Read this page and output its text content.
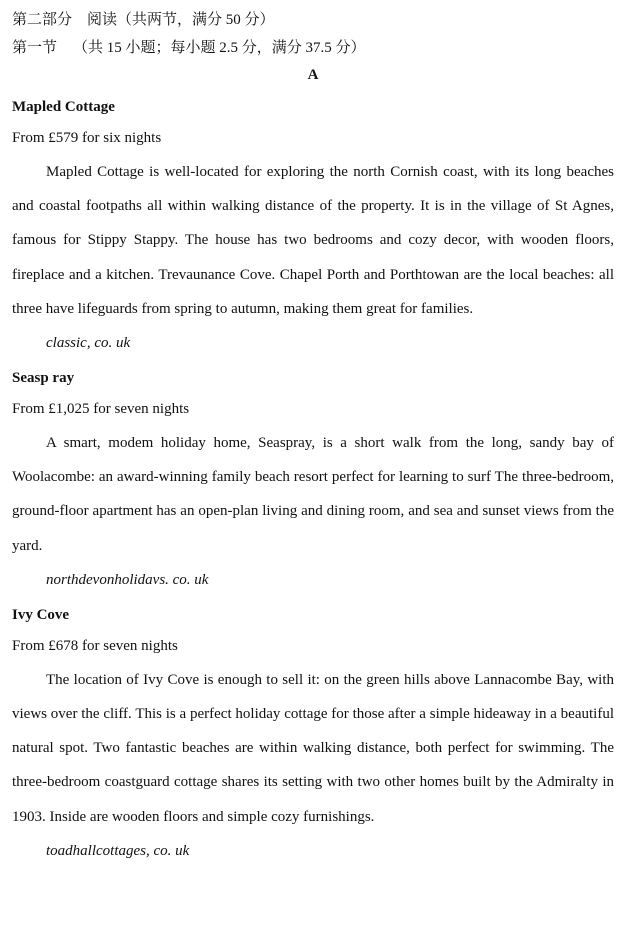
第二部分　阅读（共两节，满分 50 分）
第一节 （共 15 小题；每小题 2.5 分，满分 37.5 分）
A
Mapled Cottage
From £579 for six nights

Mapled Cottage is well-located for exploring the north Cornish coast, with its long beaches and coastal footpaths all within walking distance of the property. It is in the village of St Agnes, famous for Stippy Stappy. The house has two bedrooms and cozy decor, with wooden floors, fireplace and a kitchen. Trevaunance Cove. Chapel Porth and Porthtowan are the local beaches: all three have lifeguards from spring to autumn, making them great for families.

classic, co. uk
Seasp ray
From £1,025 for seven nights

A smart, modem holiday home, Seaspray, is a short walk from the long, sandy bay of Woolacombe: an award-winning family beach resort perfect for learning to surf The three-bedroom, ground-floor apartment has an open-plan living and dining room, and sea and sunset views from the yard.

northdevonholidavs. co. uk
Ivy Cove
From £678 for seven nights

The location of Ivy Cove is enough to sell it: on the green hills above Lannacombe Bay, with views over the cliff. This is a perfect holiday cottage for those after a simple hideaway in a beautiful natural spot. Two fantastic beaches are within walking distance, both perfect for swimming. The three-bedroom coastguard cottage shares its setting with two other homes built by the Admiralty in 1903. Inside are wooden floors and simple cozy furnishings.

toadhallcottages, co. uk
